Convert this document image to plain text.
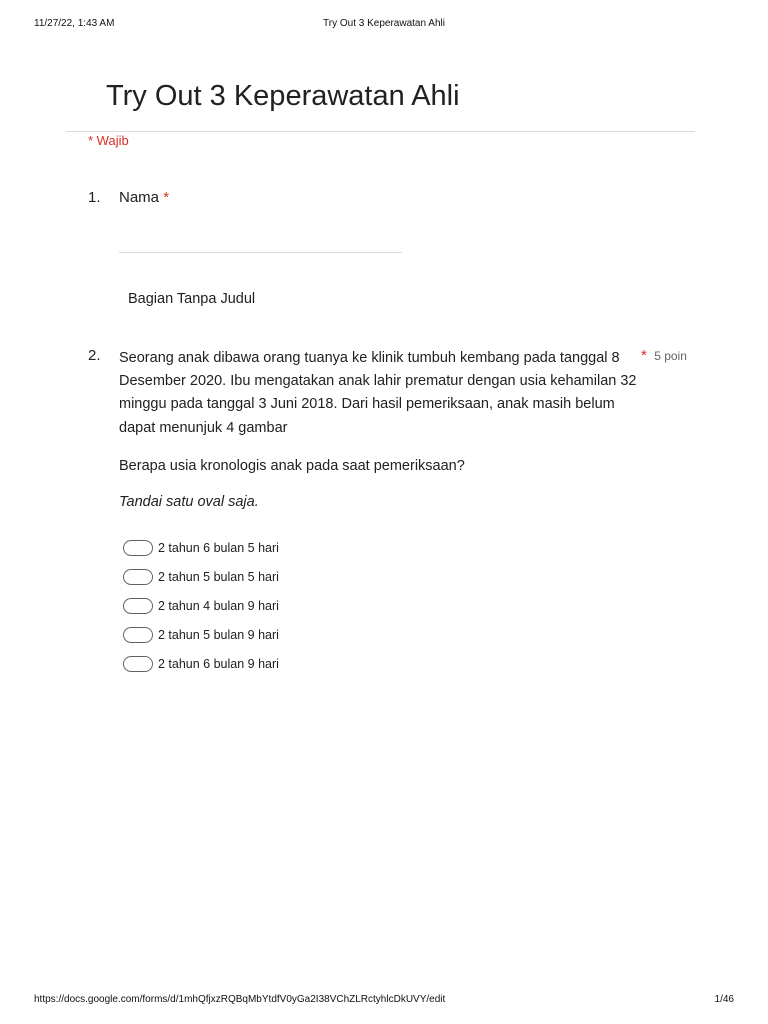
11/27/22, 1:43 AM	Try Out 3 Keperawatan Ahli
Try Out 3 Keperawatan Ahli
* Wajib
1. Nama *
Bagian Tanpa Judul
2. Seorang anak dibawa orang tuanya ke klinik tumbuh kembang pada tanggal 8 Desember 2020. Ibu mengatakan anak lahir prematur dengan usia kehamilan 32 minggu pada tanggal 3 Juni 2018. Dari hasil pemeriksaan, anak masih belum dapat menunjuk 4 gambar
* 5 poin
Berapa usia kronologis anak pada saat pemeriksaan?
Tandai satu oval saja.
2 tahun 6 bulan 5 hari
2 tahun 5 bulan 5 hari
2 tahun 4 bulan 9 hari
2 tahun 5 bulan 9 hari
2 tahun 6 bulan 9 hari
https://docs.google.com/forms/d/1mhQfjxzRQBqMbYtdfV0yGa2I38VChZLRctyhlcDkUVY/edit	1/46
